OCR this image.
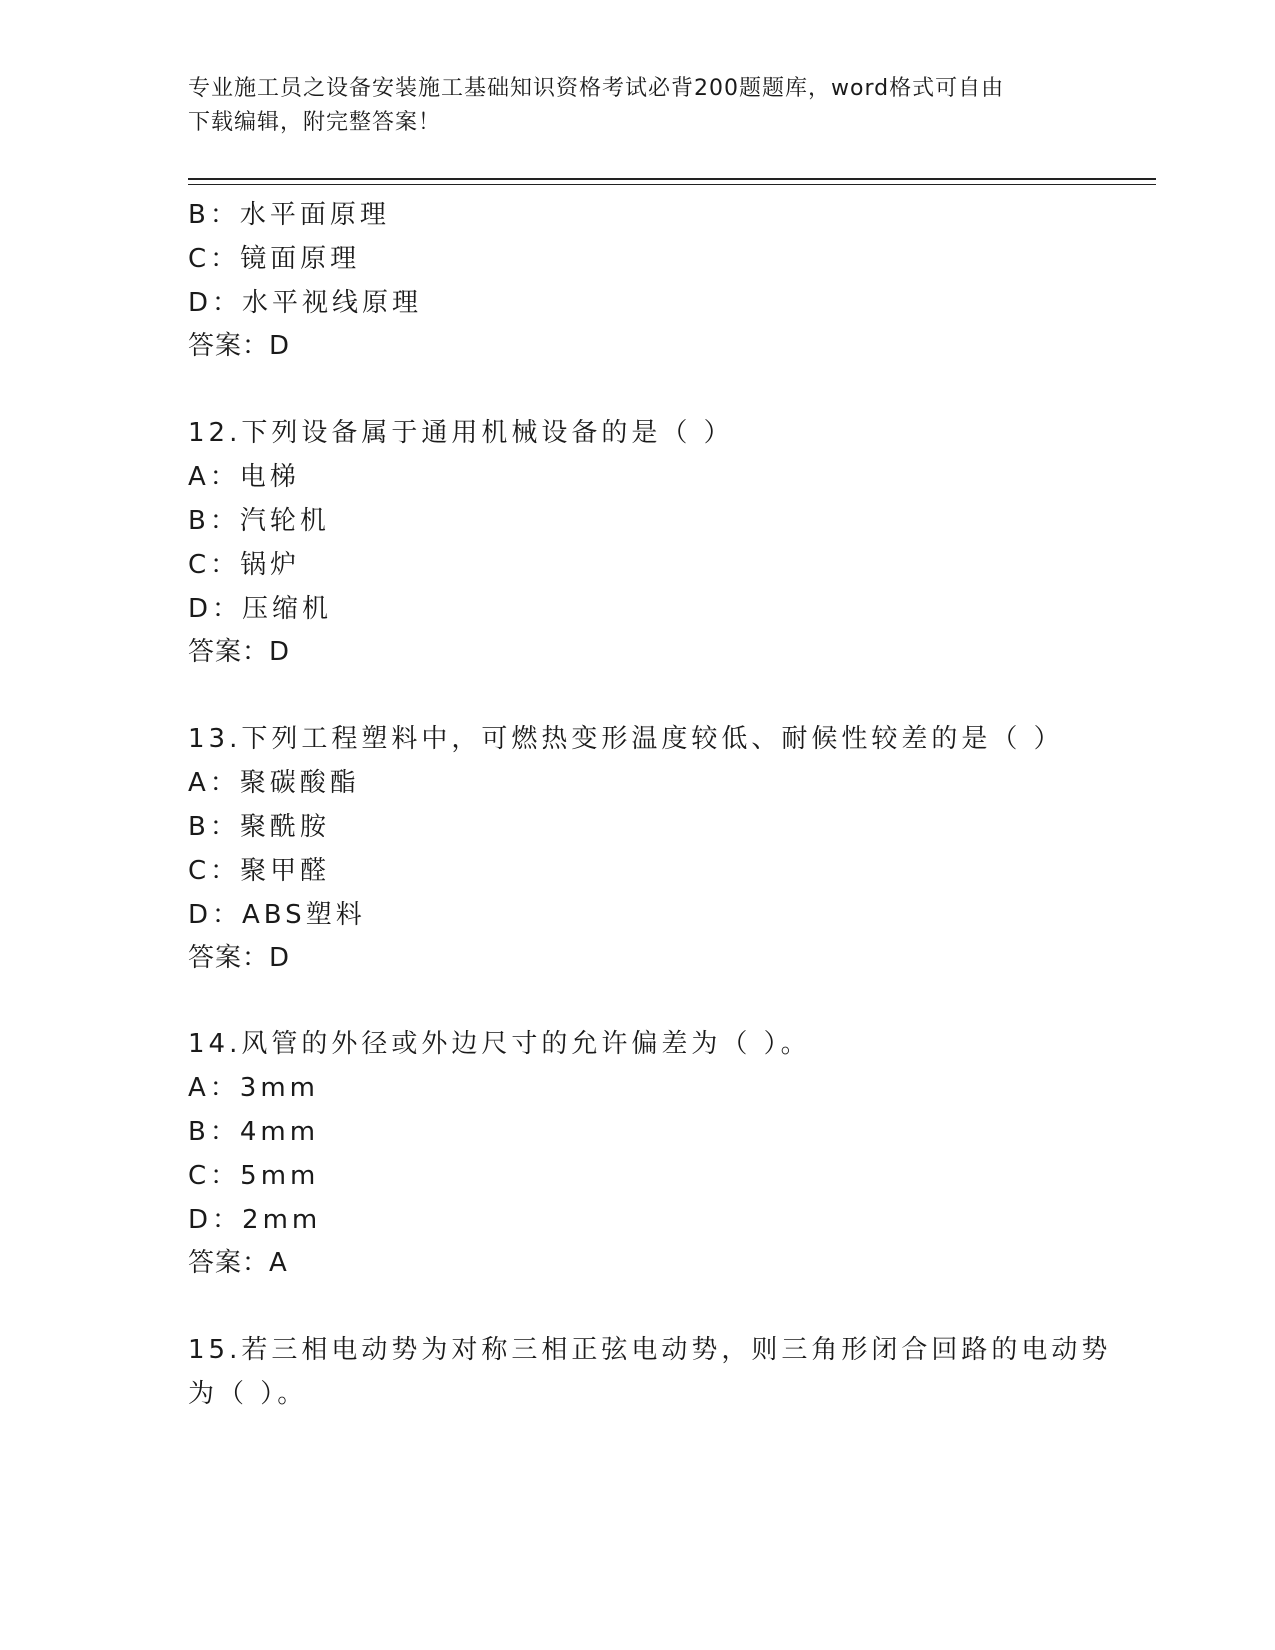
专业施工员之设备安装施工基础知识资格考试必背200题题库，word格式可自由
下载编辑，附完整答案！
B：水平面原理
C：镜面原理
D：水平视线原理
答案：D
12.下列设备属于通用机械设备的是（ ）
A：电梯
B：汽轮机
C：锅炉
D：压缩机
答案：D
13.下列工程塑料中，可燃热变形温度较低、耐候性较差的是（ ）
A：聚碳酸酯
B：聚酰胺
C：聚甲醛
D：ABS塑料
答案：D
14.风管的外径或外边尺寸的允许偏差为（ ）。
A：3mm
B：4mm
C：5mm
D：2mm
答案：A
15.若三相电动势为对称三相正弦电动势，则三角形闭合回路的电动势
为（ ）。
